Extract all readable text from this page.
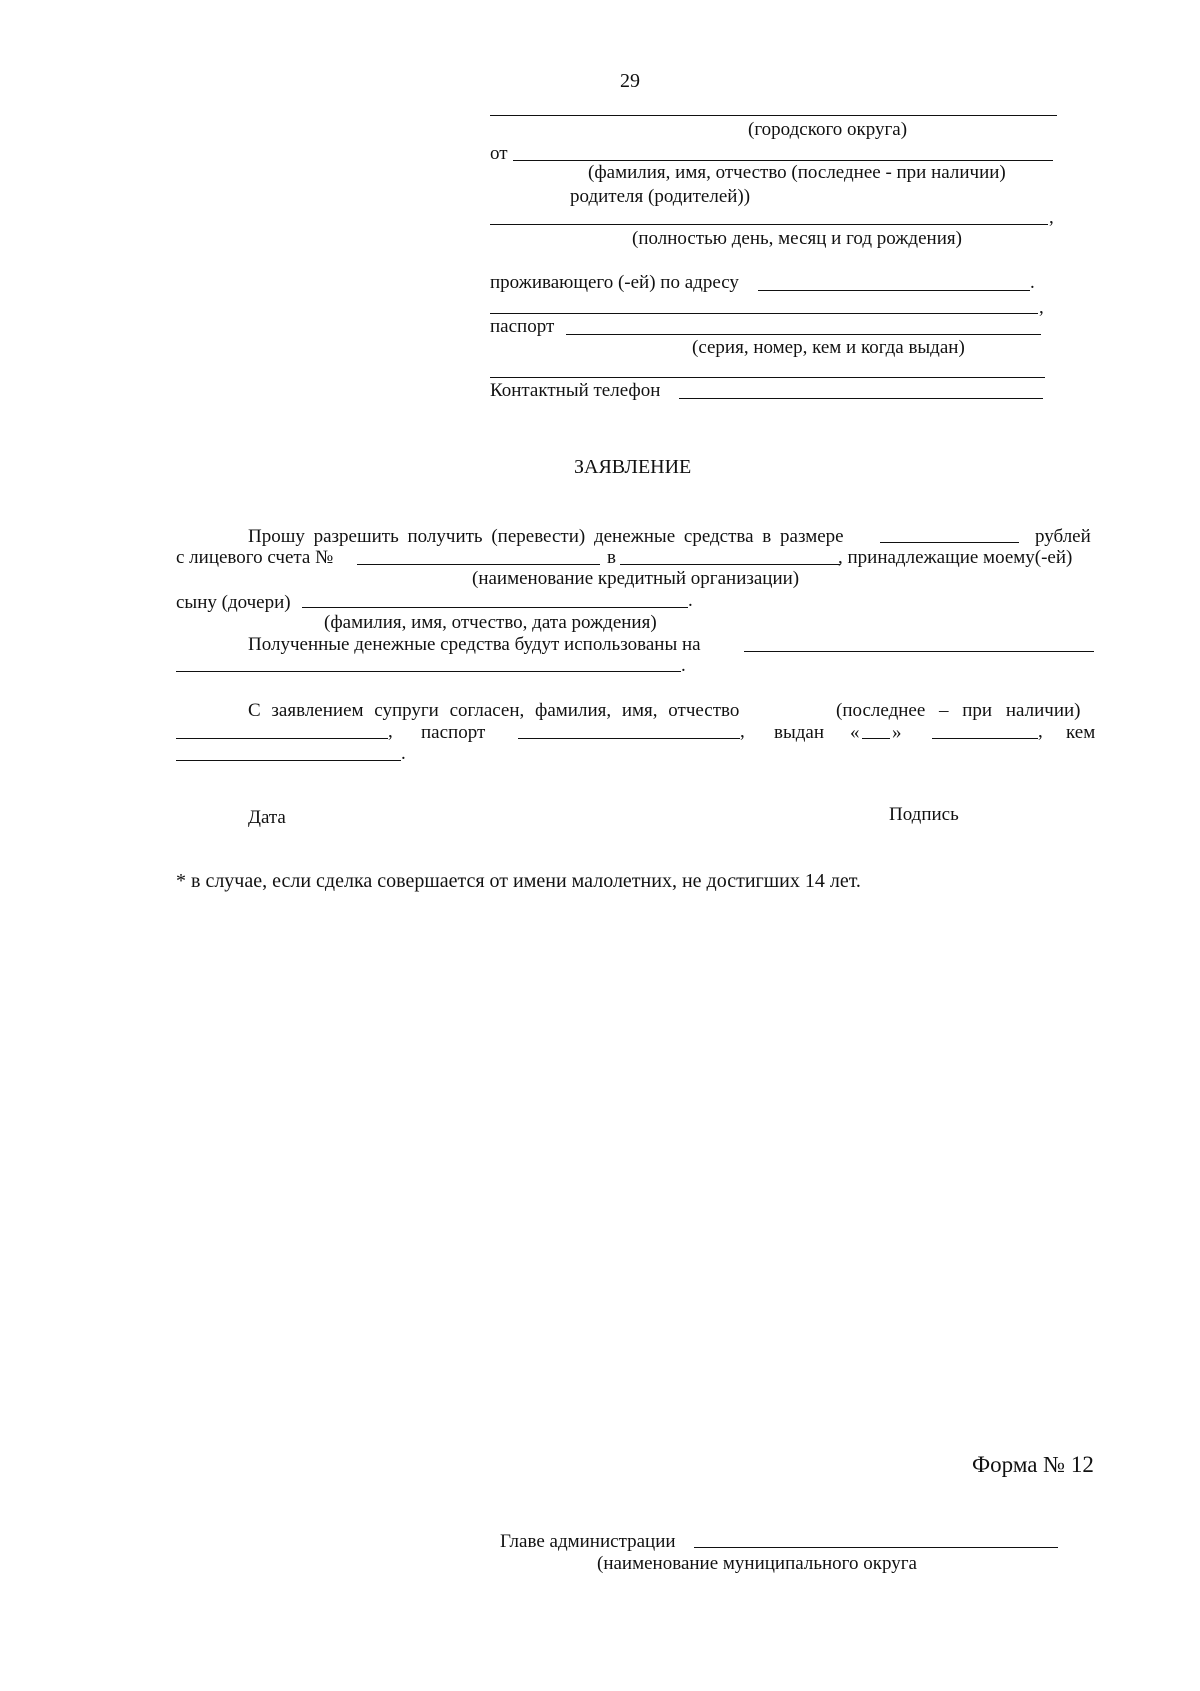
29
(городского округа)
от
(фамилия, имя, отчество (последнее - при наличии)
родителя (родителей))
,
(полностью день, месяц и год рождения)
проживающего (-ей) по адресу	.
,
паспорт
(серия, номер, кем и когда выдан)
Контактный телефон
ЗАЯВЛЕНИЕ
Прошу разрешить получить (перевести) денежные средства в размере	рублей
с лицевого счета №	в	, принадлежащие моему(-ей)
(наименование кредитный организации)
сыну (дочери)	.
(фамилия, имя, отчество, дата рождения)
Полученные денежные средства будут использованы на
.
С заявлением супруги согласен, фамилия, имя, отчество	(последнее – при наличии)
, паспорт	, выдан « »	, кем
.
Дата	Подпись
* в случае, если сделка совершается от имени малолетних, не достигших 14 лет.
Форма № 12
Главе администрации
(наименование муниципального округа
